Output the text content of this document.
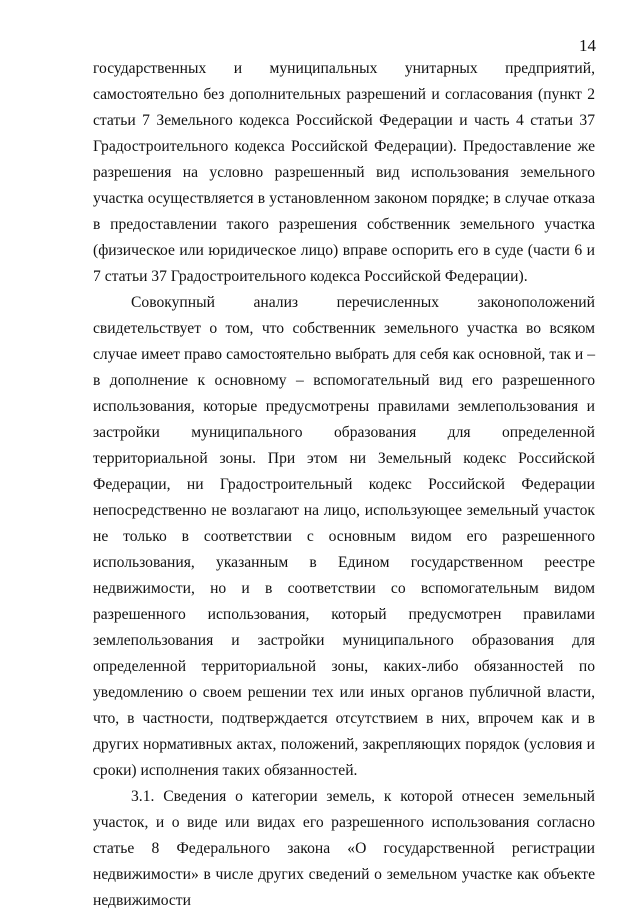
14

государственных и муниципальных унитарных предприятий, самостоятельно без дополнительных разрешений и согласования (пункт 2 статьи 7 Земельного кодекса Российской Федерации и часть 4 статьи 37 Градостроительного кодекса Российской Федерации). Предоставление же разрешения на условно разрешенный вид использования земельного участка осуществляется в установленном законом порядке; в случае отказа в предоставлении такого разрешения собственник земельного участка (физическое или юридическое лицо) вправе оспорить его в суде (части 6 и 7 статьи 37 Градостроительного кодекса Российской Федерации).

Совокупный анализ перечисленных законоположений свидетельствует о том, что собственник земельного участка во всяком случае имеет право самостоятельно выбрать для себя как основной, так и – в дополнение к основному – вспомогательный вид его разрешенного использования, которые предусмотрены правилами землепользования и застройки муниципального образования для определенной территориальной зоны. При этом ни Земельный кодекс Российской Федерации, ни Градостроительный кодекс Российской Федерации непосредственно не возлагают на лицо, использующее земельный участок не только в соответствии с основным видом его разрешенного использования, указанным в Едином государственном реестре недвижимости, но и в соответствии со вспомогательным видом разрешенного использования, который предусмотрен правилами землепользования и застройки муниципального образования для определенной территориальной зоны, каких-либо обязанностей по уведомлению о своем решении тех или иных органов публичной власти, что, в частности, подтверждается отсутствием в них, впрочем как и в других нормативных актах, положений, закрепляющих порядок (условия и сроки) исполнения таких обязанностей.

3.1. Сведения о категории земель, к которой отнесен земельный участок, и о виде или видах его разрешенного использования согласно статье 8 Федерального закона «О государственной регистрации недвижимости» в числе других сведений о земельном участке как объекте недвижимости
